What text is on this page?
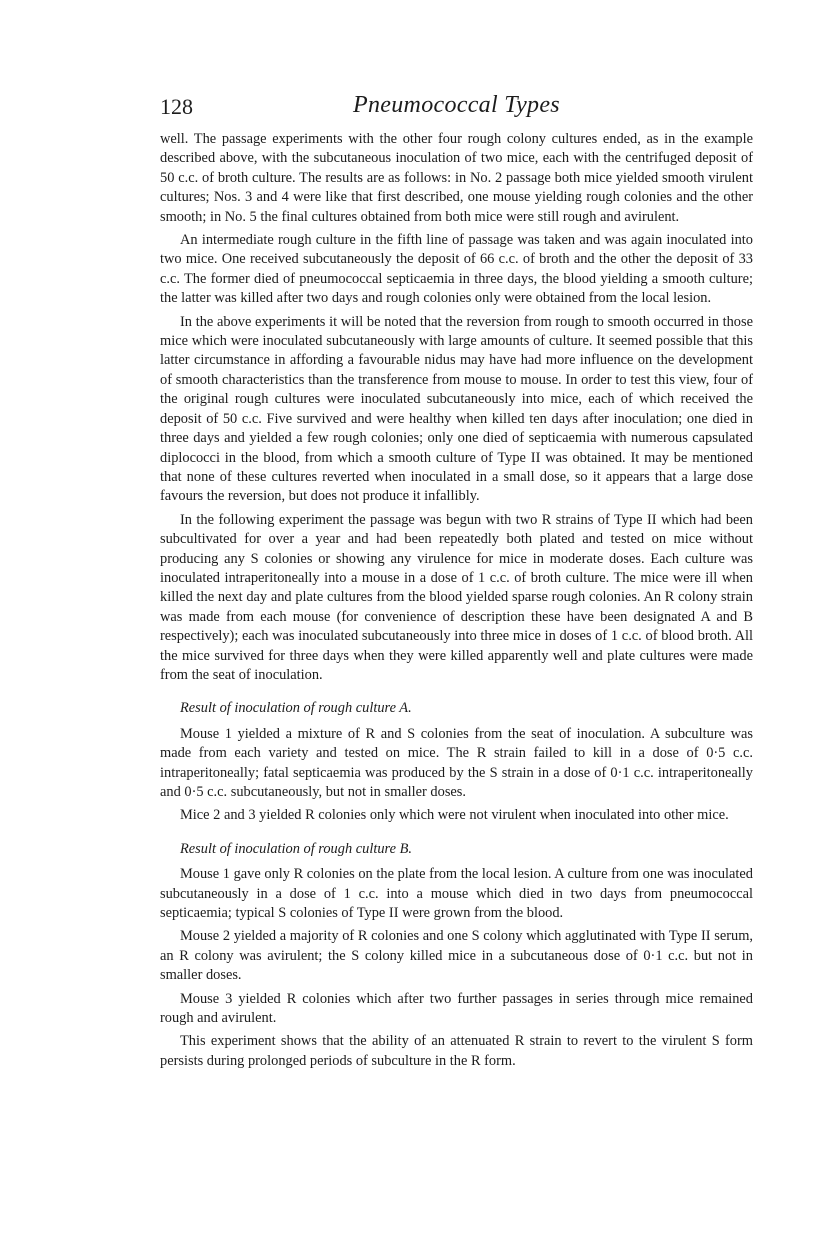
128	Pneumococcal Types

well. The passage experiments with the other four rough colony cultures ended, as in the example described above, with the subcutaneous inoculation of two mice, each with the centrifuged deposit of 50 c.c. of broth culture. The results are as follows: in No. 2 passage both mice yielded smooth virulent cultures; Nos. 3 and 4 were like that first described, one mouse yielding rough colonies and the other smooth; in No. 5 the final cultures obtained from both mice were still rough and avirulent.

An intermediate rough culture in the fifth line of passage was taken and was again inoculated into two mice. One received subcutaneously the deposit of 66 c.c. of broth and the other the deposit of 33 c.c. The former died of pneumococcal septicaemia in three days, the blood yielding a smooth culture; the latter was killed after two days and rough colonies only were obtained from the local lesion.

In the above experiments it will be noted that the reversion from rough to smooth occurred in those mice which were inoculated subcutaneously with large amounts of culture. It seemed possible that this latter circumstance in affording a favourable nidus may have had more influence on the development of smooth characteristics than the transference from mouse to mouse. In order to test this view, four of the original rough cultures were inoculated subcutaneously into mice, each of which received the deposit of 50 c.c. Five survived and were healthy when killed ten days after inoculation; one died in three days and yielded a few rough colonies; only one died of septicaemia with numerous capsulated diplococci in the blood, from which a smooth culture of Type II was obtained. It may be mentioned that none of these cultures reverted when inoculated in a small dose, so it appears that a large dose favours the reversion, but does not produce it infallibly.

In the following experiment the passage was begun with two R strains of Type II which had been subcultivated for over a year and had been repeatedly both plated and tested on mice without producing any S colonies or showing any virulence for mice in moderate doses. Each culture was inoculated intraperitoneally into a mouse in a dose of 1 c.c. of broth culture. The mice were ill when killed the next day and plate cultures from the blood yielded sparse rough colonies. An R colony strain was made from each mouse (for convenience of description these have been designated A and B respectively); each was inoculated subcutaneously into three mice in doses of 1 c.c. of blood broth. All the mice survived for three days when they were killed apparently well and plate cultures were made from the seat of inoculation.

Result of inoculation of rough culture A.

Mouse 1 yielded a mixture of R and S colonies from the seat of inoculation. A subculture was made from each variety and tested on mice. The R strain failed to kill in a dose of 0·5 c.c. intraperitoneally; fatal septicaemia was produced by the S strain in a dose of 0·1 c.c. intraperitoneally and 0·5 c.c. subcutaneously, but not in smaller doses.

Mice 2 and 3 yielded R colonies only which were not virulent when inoculated into other mice.

Result of inoculation of rough culture B.

Mouse 1 gave only R colonies on the plate from the local lesion. A culture from one was inoculated subcutaneously in a dose of 1 c.c. into a mouse which died in two days from pneumococcal septicaemia; typical S colonies of Type II were grown from the blood.

Mouse 2 yielded a majority of R colonies and one S colony which agglutinated with Type II serum, an R colony was avirulent; the S colony killed mice in a subcutaneous dose of 0·1 c.c. but not in smaller doses.

Mouse 3 yielded R colonies which after two further passages in series through mice remained rough and avirulent.

This experiment shows that the ability of an attenuated R strain to revert to the virulent S form persists during prolonged periods of subculture in the R form.
